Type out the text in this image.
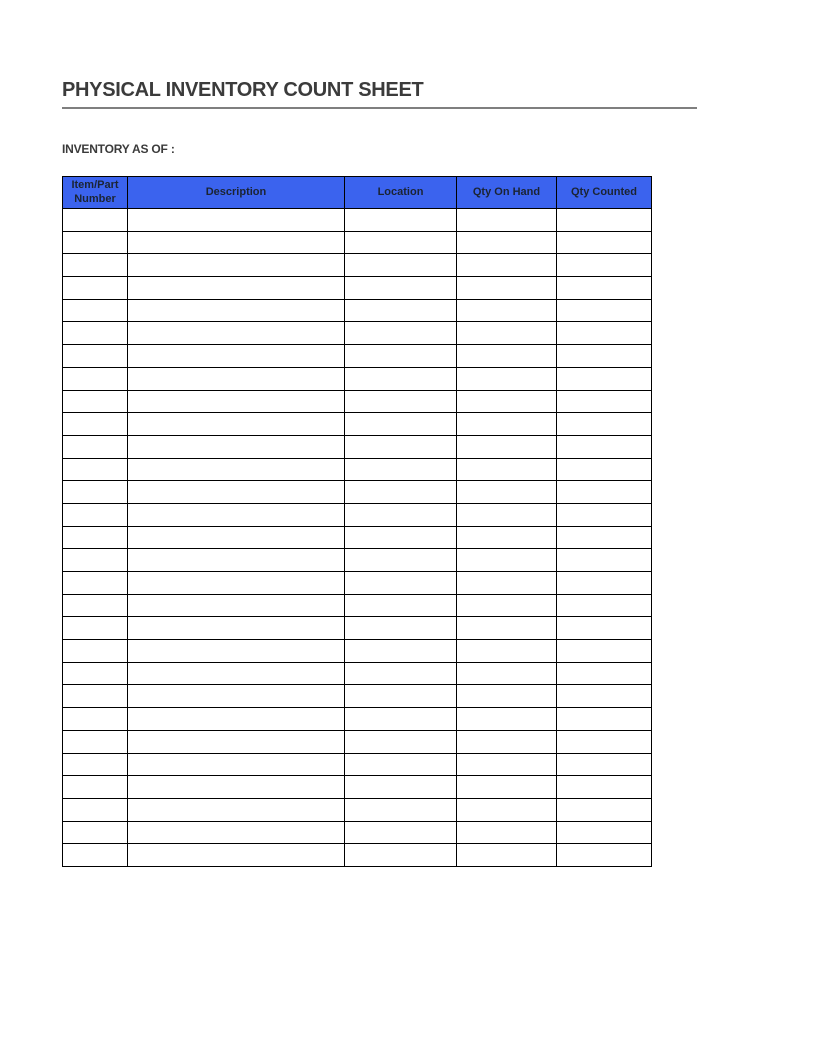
PHYSICAL INVENTORY COUNT SHEET
INVENTORY AS OF :
Item/Part Number	Description	Location	Qty On Hand	Qty Counted
